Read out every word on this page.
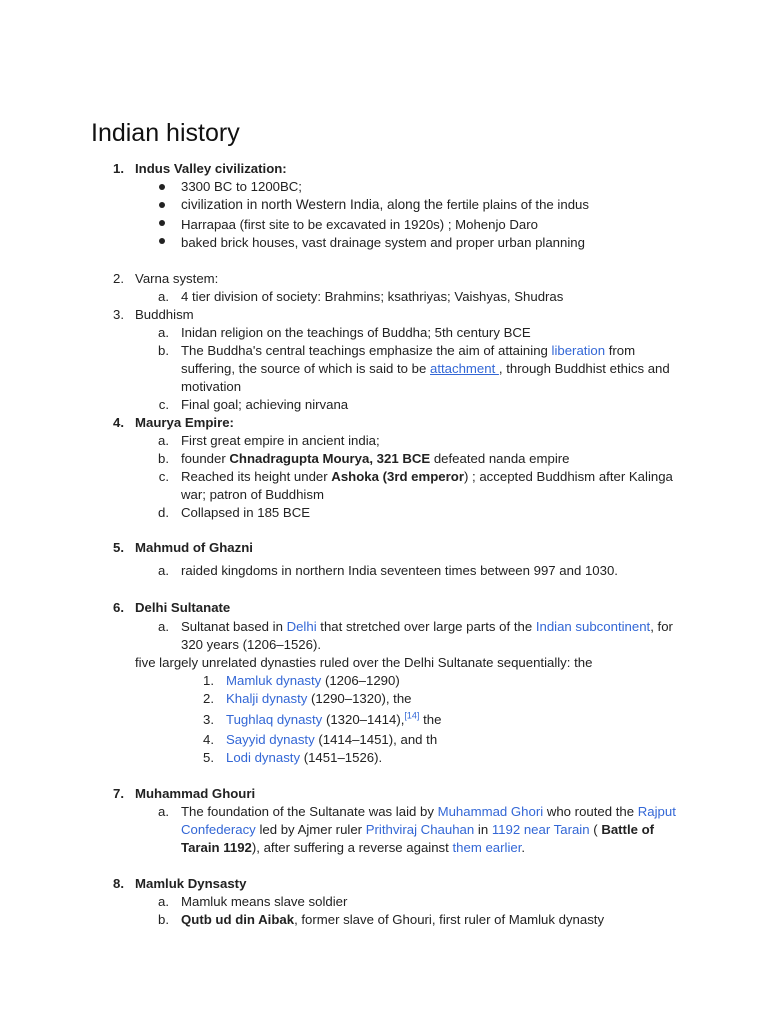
Indian history
1. Indus Valley civilization:
3300 BC to 1200BC;
civilization in north Western India, along the fertile plains of the indus
Harrapaa (first site to be excavated in 1920s) ; Mohenjo Daro
baked brick houses, vast drainage system and proper urban planning
2. Varna system:
a. 4 tier division of society: Brahmins; ksathriyas; Vaishyas, Shudras
3. Buddhism
a. Inidan religion on the teachings of Buddha; 5th century BCE
b. The Buddha's central teachings emphasize the aim of attaining liberation from
suffering, the source of which is said to be attachment , through Buddhist ethics and
motivation
c. Final goal; achieving nirvana
4. Maurya Empire:
a. First great empire in ancient india;
b. founder Chnadragupta Mourya, 321 BCE defeated nanda empire
c. Reached its height under Ashoka (3rd emperor) ; accepted Buddhism after Kalinga
war; patron of Buddhism
d. Collapsed in 185 BCE
5. Mahmud of Ghazni
a. raided kingdoms in northern India seventeen times between 997 and 1030.
6. Delhi Sultanate
a. Sultanat based in Delhi that stretched over large parts of the Indian subcontinent, for
320 years (1206–1526).
five largely unrelated dynasties ruled over the Delhi Sultanate sequentially: the
1. Mamluk dynasty (1206–1290)
2. Khalji dynasty (1290–1320), the
3. Tughlaq dynasty (1320–1414),[14] the
4. Sayyid dynasty (1414–1451), and th
5. Lodi dynasty (1451–1526).
7. Muhammad Ghouri
a. The foundation of the Sultanate was laid by Muhammad Ghori who routed the Rajput
Confederacy led by Ajmer ruler Prithviraj Chauhan in 1192 near Tarain ( Battle of
Tarain 1192), after suffering a reverse against them earlier.
8. Mamluk Dynsasty
a. Mamluk means slave soldier
b. Qutb ud din Aibak, former slave of Ghouri, first ruler of Mamluk dynasty
